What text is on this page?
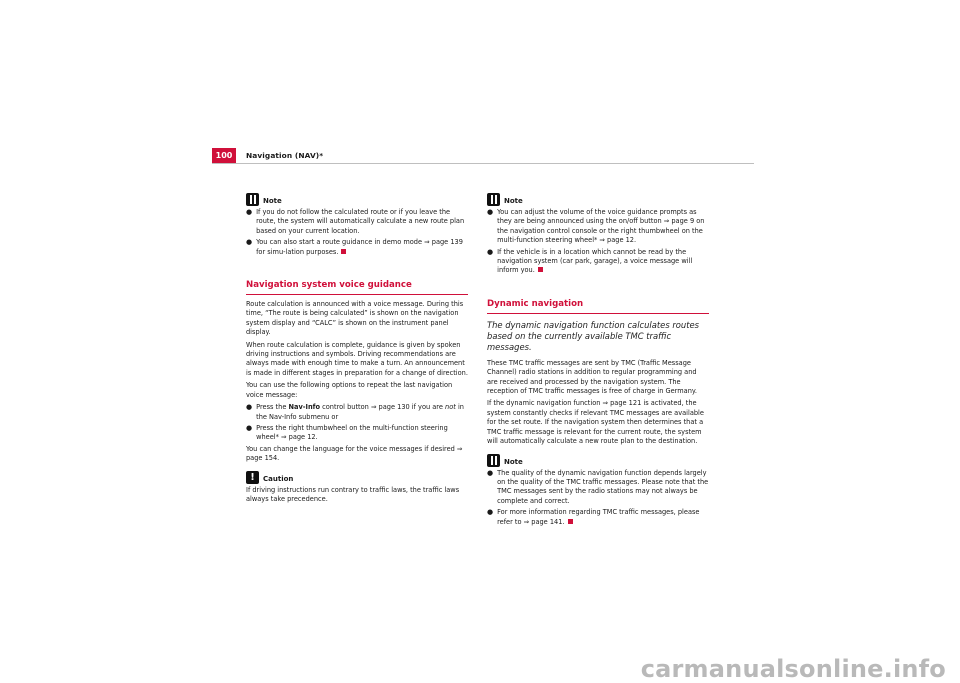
100	Navigation (NAV)*
Note
● If you do not follow the calculated route or if you leave the route, the system will automatically calculate a new route plan based on your current location.
● You can also start a route guidance in demo mode ⇒ page 139 for simu-lation purposes.
Navigation system voice guidance

Route calculation is announced with a voice message. During this time, “The route is being calculated” is shown on the navigation system display and “CALC” is shown on the instrument panel display.

When route calculation is complete, guidance is given by spoken driving instructions and symbols. Driving recommendations are always made with enough time to make a turn. An announcement is made in different stages in preparation for a change of direction.

You can use the following options to repeat the last navigation voice message:

● Press the Nav-Info control button ⇒ page 130 if you are not in the Nav-Info submenu or
● Press the right thumbwheel on the multi-function steering wheel* ⇒ page 12.

You can change the language for the voice messages if desired ⇒ page 154.

!	Caution

If driving instructions run contrary to traffic laws, the traffic laws always take precedence.

Note
● You can adjust the volume of the voice guidance prompts as they are being announced using the on/off button ⇒ page 9 on the navigation control console or the right thumbwheel on the multi-function steering wheel* ⇒ page 12.
● If the vehicle is in a location which cannot be read by the navigation system (car park, garage), a voice message will inform you.
Dynamic navigation
The dynamic navigation function calculates routes based on the currently available TMC traffic messages.

These TMC traffic messages are sent by TMC (Traffic Message Channel) radio stations in addition to regular programming and are received and processed by the navigation system. The reception of TMC traffic messages is free of charge in Germany.

If the dynamic navigation function ⇒ page 121 is activated, the system constantly checks if relevant TMC messages are available for the set route. If the navigation system then determines that a TMC traffic message is relevant for the current route, the system will automatically calculate a new route plan to the destination.

Note
● The quality of the dynamic navigation function depends largely on the quality of the TMC traffic messages. Please note that the TMC messages sent by the radio stations may not always be complete and correct.
● For more information regarding TMC traffic messages, please refer to ⇒ page 141.
carmanualsonline.info
